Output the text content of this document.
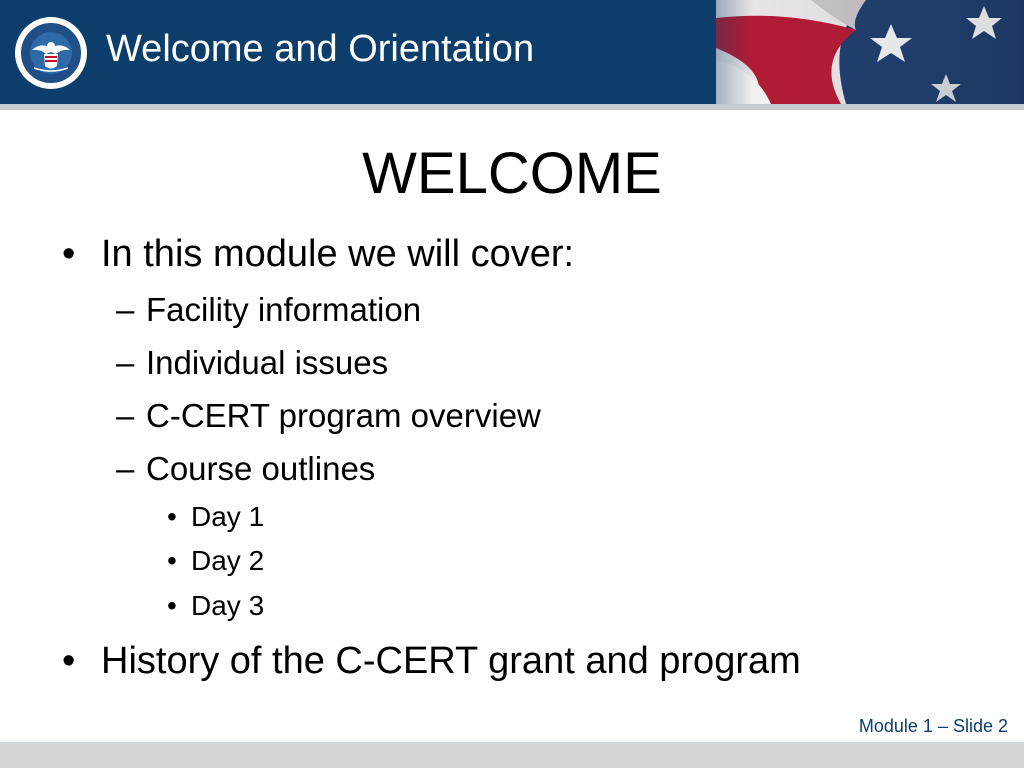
Welcome and Orientation
WELCOME
• In this module we will cover:
– Facility information
– Individual issues
– C-CERT program overview
– Course outlines
• Day 1
• Day 2
• Day 3
• History of the C-CERT grant and program
Module 1 – Slide 2
